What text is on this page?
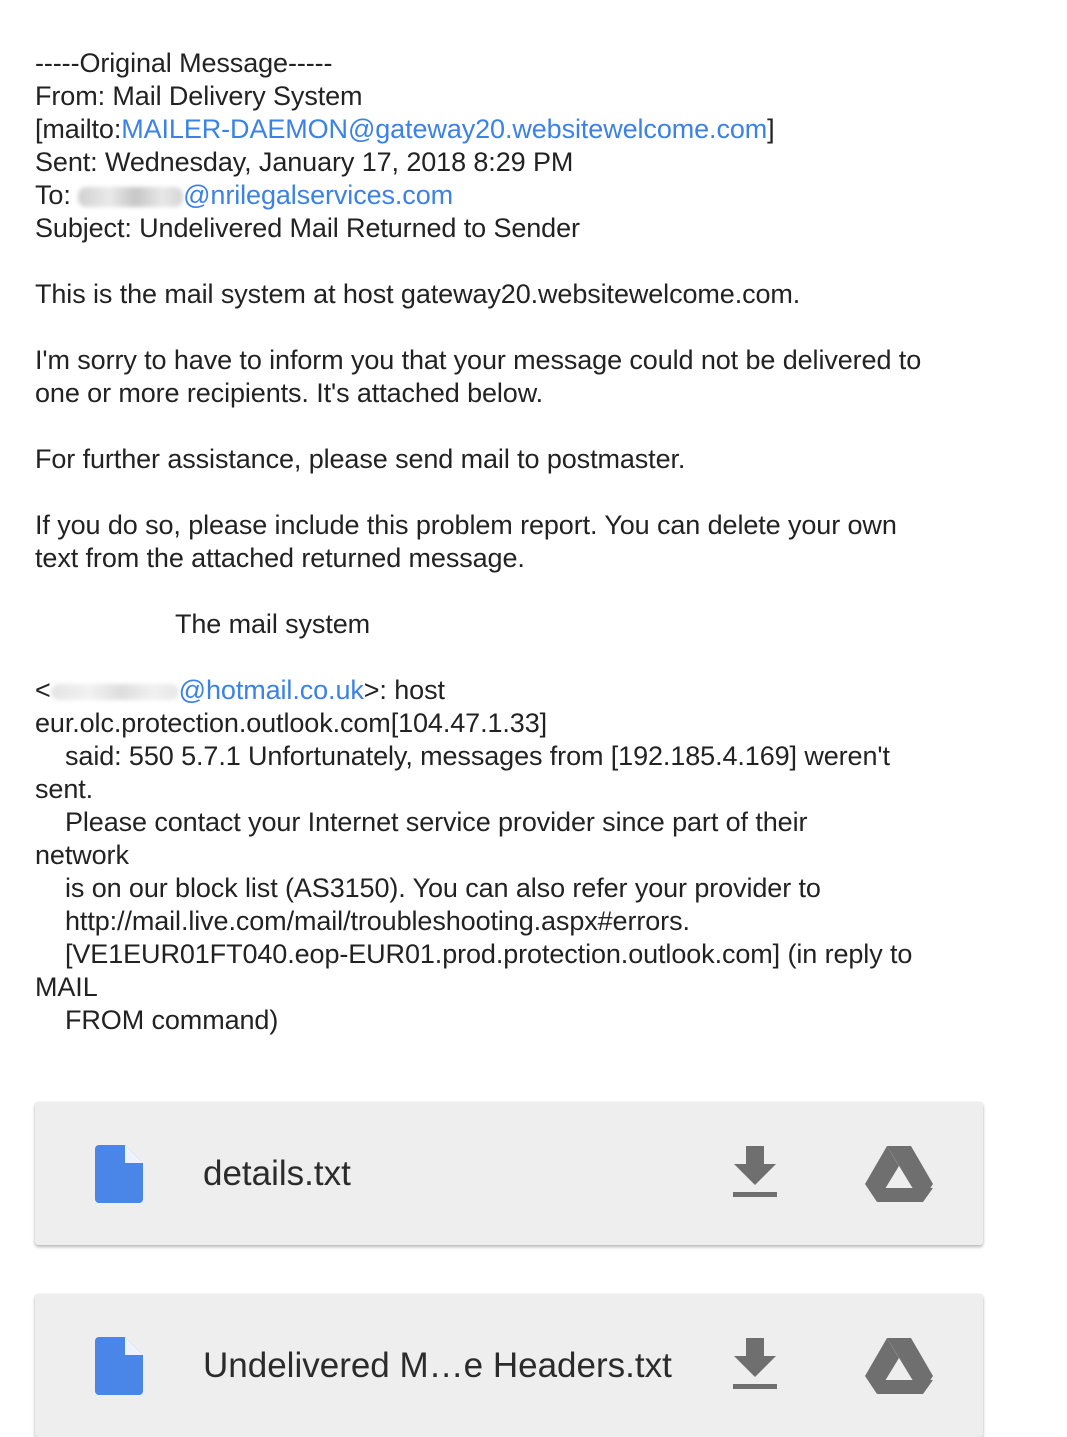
-----Original Message-----
From: Mail Delivery System
[mailto:MAILER-DAEMON@gateway20.websitewelcome.com]
Sent: Wednesday, January 17, 2018 8:29 PM
To:	@nrilegalservices.com
Subject: Undelivered Mail Returned to Sender
This is the mail system at host gateway20.websitewelcome.com.
I'm sorry to have to inform you that your message could not be delivered to
one or more recipients. It's attached below.
For further assistance, please send mail to postmaster.
If you do so, please include this problem report. You can delete your own
text from the attached returned message.
The mail system
<	@hotmail.co.uk>: host
eur.olc.protection.outlook.com[104.47.1.33]
said: 550 5.7.1 Unfortunately, messages from [192.185.4.169] weren't
sent.
Please contact your Internet service provider since part of their
network
is on our block list (AS3150). You can also refer your provider to
http://mail.live.com/mail/troubleshooting.aspx#errors.
[VE1EUR01FT040.eop-EUR01.prod.protection.outlook.com] (in reply to
MAIL
FROM command)
details.txt
Undelivered M…e Headers.txt
